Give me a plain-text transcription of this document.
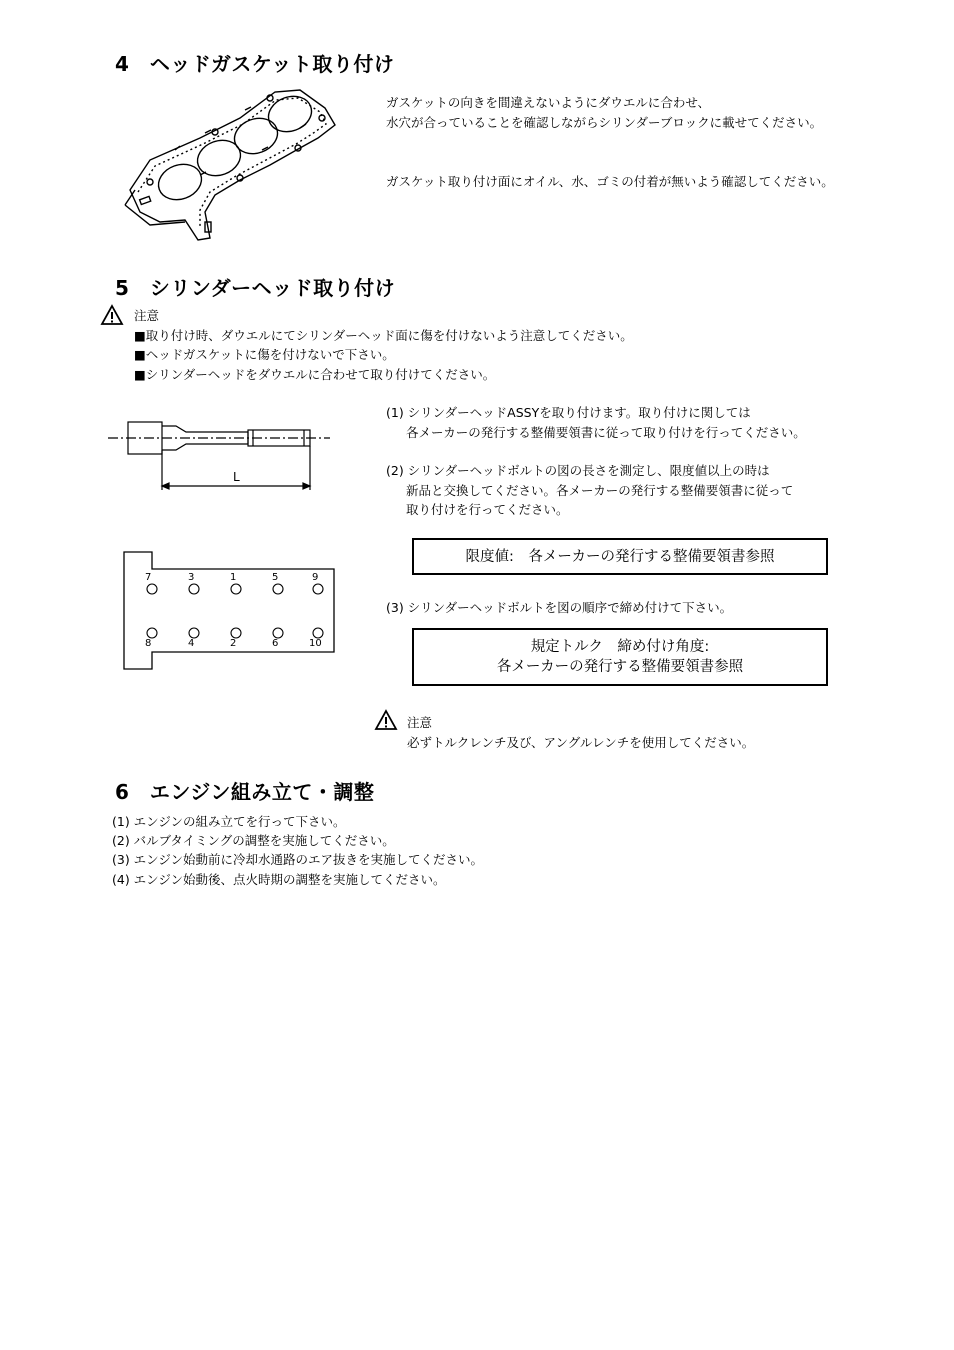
4　ヘッドガスケット取り付け
ガスケットの向きを間違えないようにダウエルに合わせ、
水穴が合っていることを確認しながらシリンダーブロックに載せてください。
ガスケット取り付け面にオイル、水、ゴミの付着が無いよう確認してください。
5　シリンダーヘッド取り付け
注意
■取り付け時、ダウエルにてシリンダーヘッド面に傷を付けないよう注意してください。
■ヘッドガスケットに傷を付けないで下さい。
■シリンダーヘッドをダウエルに合わせて取り付けてください。
L
7	3	1	5	9
8	4	2	6	10
(1) シリンダーヘッドASSYを取り付けます。取り付けに関しては
各メーカーの発行する整備要領書に従って取り付けを行ってください。
(2) シリンダーヘッドボルトの図の長さを測定し、限度値以上の時は
新品と交換してください。各メーカーの発行する整備要領書に従って
取り付けを行ってください。
限度値:　各メーカーの発行する整備要領書参照
(3) シリンダーヘッドボルトを図の順序で締め付けて下さい。
規定トルク　締め付け角度:
各メーカーの発行する整備要領書参照
注意
必ずトルクレンチ及び、アングルレンチを使用してください。
6　エンジン組み立て・調整
(1) エンジンの組み立てを行って下さい。
(2) バルブタイミングの調整を実施してください。
(3) エンジン始動前に冷却水通路のエア抜きを実施してください。
(4) エンジン始動後、点火時期の調整を実施してください。
